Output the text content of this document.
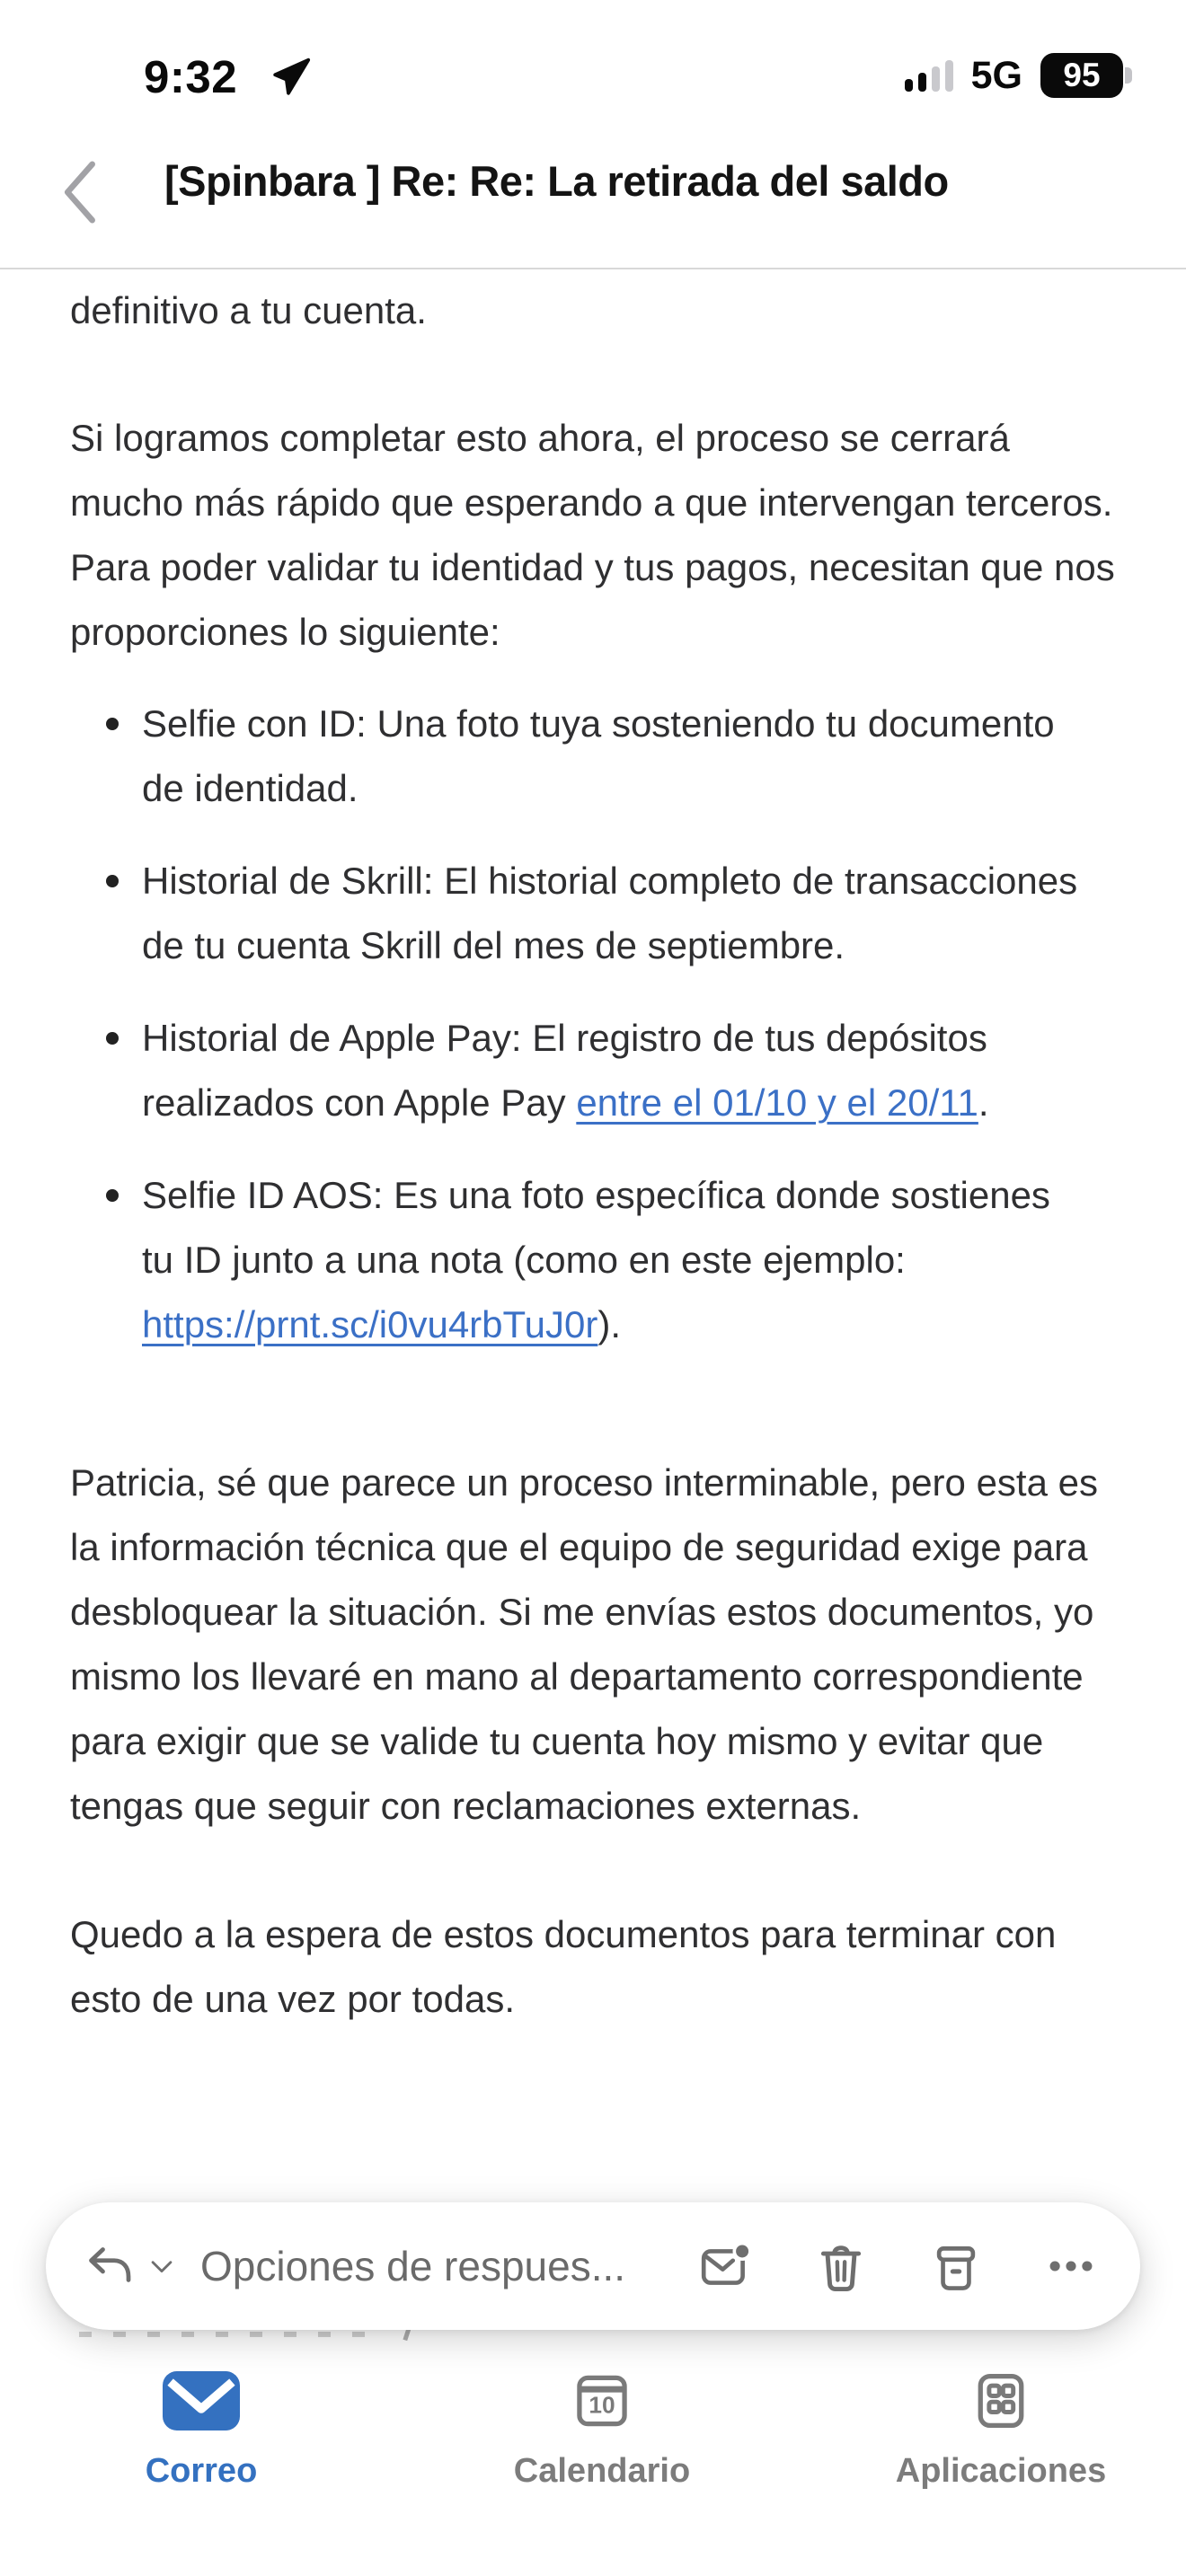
9:32	5G	95
[Spinbara ] Re: Re: La retirada del saldo

definitivo a tu cuenta.

Si logramos completar esto ahora, el proceso se cerrará mucho más rápido que esperando a que intervengan terceros. Para poder validar tu identidad y tus pagos, necesitan que nos proporciones lo siguiente:

Selfie con ID: Una foto tuya sosteniendo tu documento de identidad.
Historial de Skrill: El historial completo de transacciones de tu cuenta Skrill del mes de septiembre.
Historial de Apple Pay: El registro de tus depósitos realizados con Apple Pay entre el 01/10 y el 20/11.
Selfie ID AOS: Es una foto específica donde sostienes tu ID junto a una nota (como en este ejemplo: https://prnt.sc/i0vu4rbTuJ0r).

Patricia, sé que parece un proceso interminable, pero esta es la información técnica que el equipo de seguridad exige para desbloquear la situación. Si me envías estos documentos, yo mismo los llevaré en mano al departamento correspondiente para exigir que se valide tu cuenta hoy mismo y evitar que tengas que seguir con reclamaciones externas.

Quedo a la espera de estos documentos para terminar con esto de una vez por todas.

Opciones de respues...
Correo
10
Calendario	Aplicaciones
